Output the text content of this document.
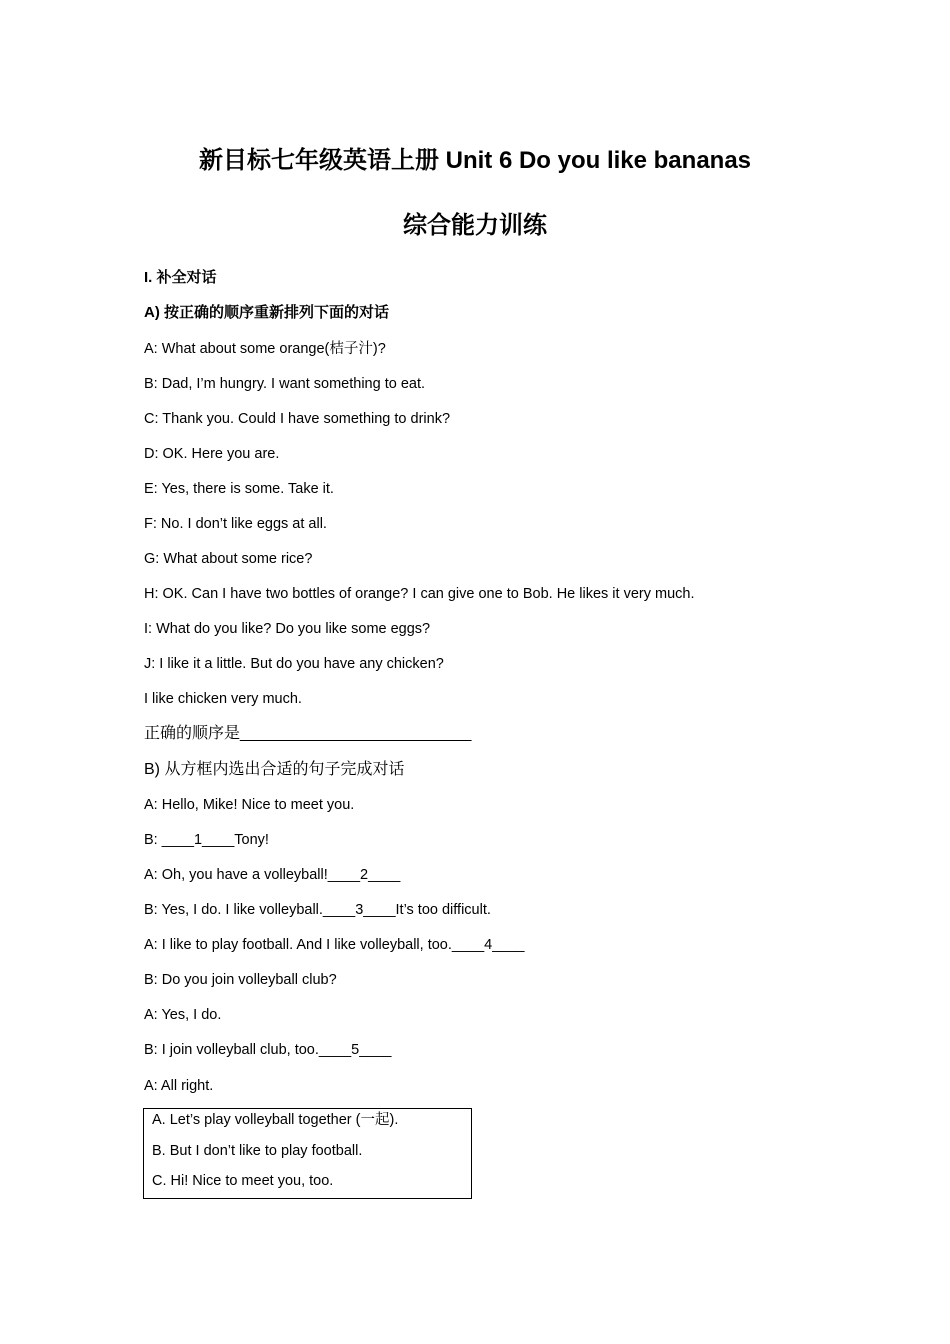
新目标七年级英语上册 Unit 6 Do you like bananas
综合能力训练
I. 补全对话
A) 按正确的顺序重新排列下面的对话
A: What about some orange(桔子汁)?
B: Dad, I’m hungry. I want something to eat.
C: Thank you. Could I have something to drink?
D: OK. Here you are.
E: Yes, there is some. Take it.
F: No. I don’t like eggs at all.
G: What about some rice?
H: OK. Can I have two bottles of orange? I can give one to Bob. He likes it very much.
I: What do you like? Do you like some eggs?
J: I like it a little. But do you have any chicken?
I like chicken very much.
正确的顺序是__________________________
B) 从方框内选出合适的句子完成对话
A: Hello, Mike! Nice to meet you.
B: ____1____Tony!
A: Oh, you have a volleyball!____2____
B: Yes, I do. I like volleyball.____3____It’s too difficult.
A: I like to play football. And I like volleyball, too.____4____
B: Do you join volleyball club?
A: Yes, I do.
B: I join volleyball club, too.____5____
A: All right.
A. Let’s play volleyball together (一起).
B. But I don’t like to play football.
C. Hi! Nice to meet you, too.
